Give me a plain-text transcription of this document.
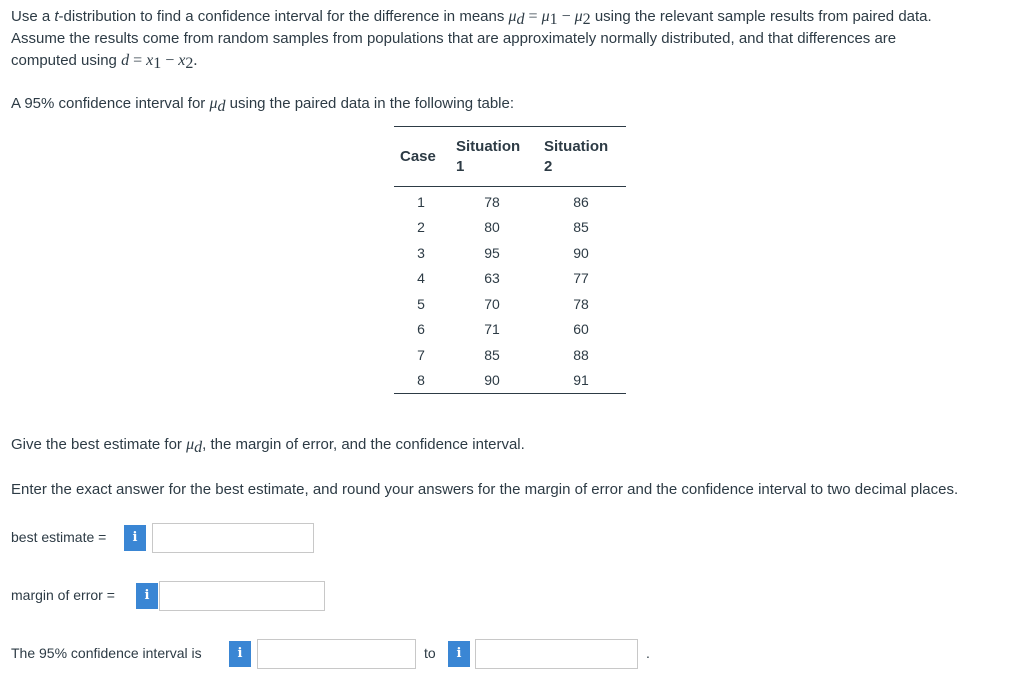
Use a t-distribution to find a confidence interval for the difference in means $\mu_d = \mu_1 - \mu_2$ using the relevant sample results from paired data.
Assume the results come from random samples from populations that are approximately normally distributed, and that differences are
computed using $d = x_1 - x_2$.
A 95% confidence interval for $\mu_d$ using the paired data in the following table:
Case	Situation 1	Situation 2

1	78	86
2	80	85
3	95	90
4	63	77
5	70	78
6	71	60
7	85	88
8	90	91
Give the best estimate for $\mu_d$, the margin of error, and the confidence interval.
Enter the exact answer for the best estimate, and round your answers for the margin of error and the confidence interval to two decimal places.
best estimate =	i
margin of error =	i
The 95% confidence interval is	i	to	i	.
